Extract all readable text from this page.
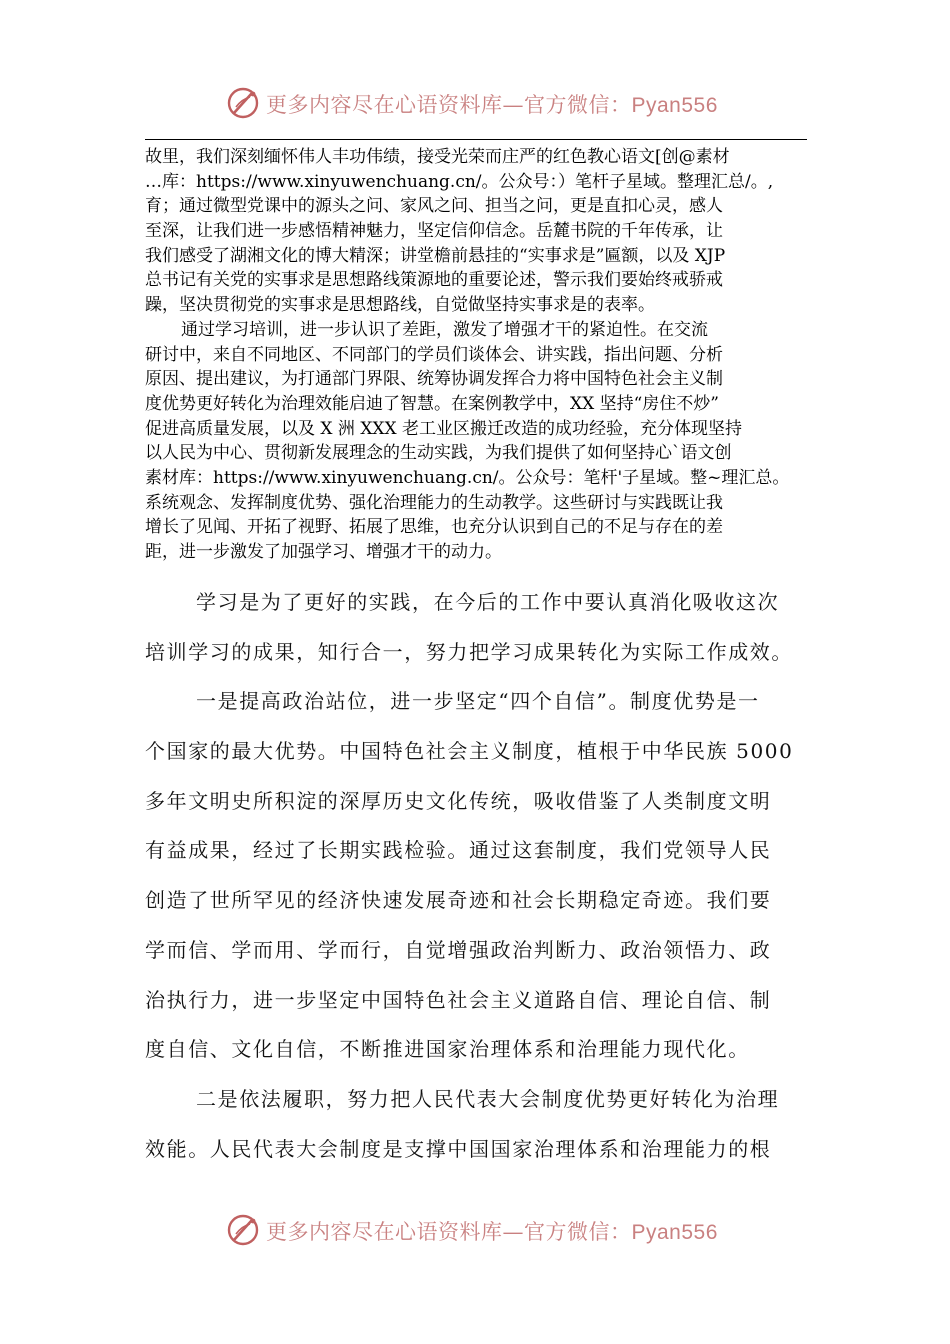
更多内容尽在心语资料库—官方微信：Pyan556
故里，我们深刻缅怀伟人丰功伟绩，接受光荣而庄严的红色教心语文[创@素材
…库：https://www.xinyuwenchuang.cn/。公众号：）笔杆子星域。整理汇总/。,
育；通过微型党课中的源头之问、家风之问、担当之问，更是直扣心灵，感人
至深，让我们进一步感悟精神魅力，坚定信仰信念。岳麓书院的千年传承，让
我们感受了湖湘文化的博大精深；讲堂檐前悬挂的“实事求是”匾额，以及 XJP
总书记有关党的实事求是思想路线策源地的重要论述，警示我们要始终戒骄戒
躁，坚决贯彻党的实事求是思想路线，自觉做坚持实事求是的表率。
通过学习培训，进一步认识了差距，激发了增强才干的紧迫性。在交流
研讨中，来自不同地区、不同部门的学员们谈体会、讲实践，指出问题、分析
原因、提出建议，为打通部门界限、统筹协调发挥合力将中国特色社会主义制
度优势更好转化为治理效能启迪了智慧。在案例教学中，XX 坚持“房住不炒”
促进高质量发展，以及 X 洲 XXX 老工业区搬迁改造的成功经验，充分体现坚持
以人民为中心、贯彻新发展理念的生动实践，为我们提供了如何坚持心`语文创
素材库：https://www.xinyuwenchuang.cn/。公众号：笔杆'子星域。整~理汇总。
系统观念、发挥制度优势、强化治理能力的生动教学。这些研讨与实践既让我
增长了见闻、开拓了视野、拓展了思维，也充分认识到自己的不足与存在的差
距，进一步激发了加强学习、增强才干的动力。
学习是为了更好的实践，在今后的工作中要认真消化吸收这次
培训学习的成果，知行合一，努力把学习成果转化为实际工作成效。
一是提高政治站位，进一步坚定“四个自信”。制度优势是一
个国家的最大优势。中国特色社会主义制度，植根于中华民族 5000
多年文明史所积淀的深厚历史文化传统，吸收借鉴了人类制度文明
有益成果，经过了长期实践检验。通过这套制度，我们党领导人民
创造了世所罕见的经济快速发展奇迹和社会长期稳定奇迹。我们要
学而信、学而用、学而行，自觉增强政治判断力、政治领悟力、政
治执行力，进一步坚定中国特色社会主义道路自信、理论自信、制
度自信、文化自信，不断推进国家治理体系和治理能力现代化。
二是依法履职，努力把人民代表大会制度优势更好转化为治理
效能。人民代表大会制度是支撑中国国家治理体系和治理能力的根
更多内容尽在心语资料库—官方微信：Pyan556
